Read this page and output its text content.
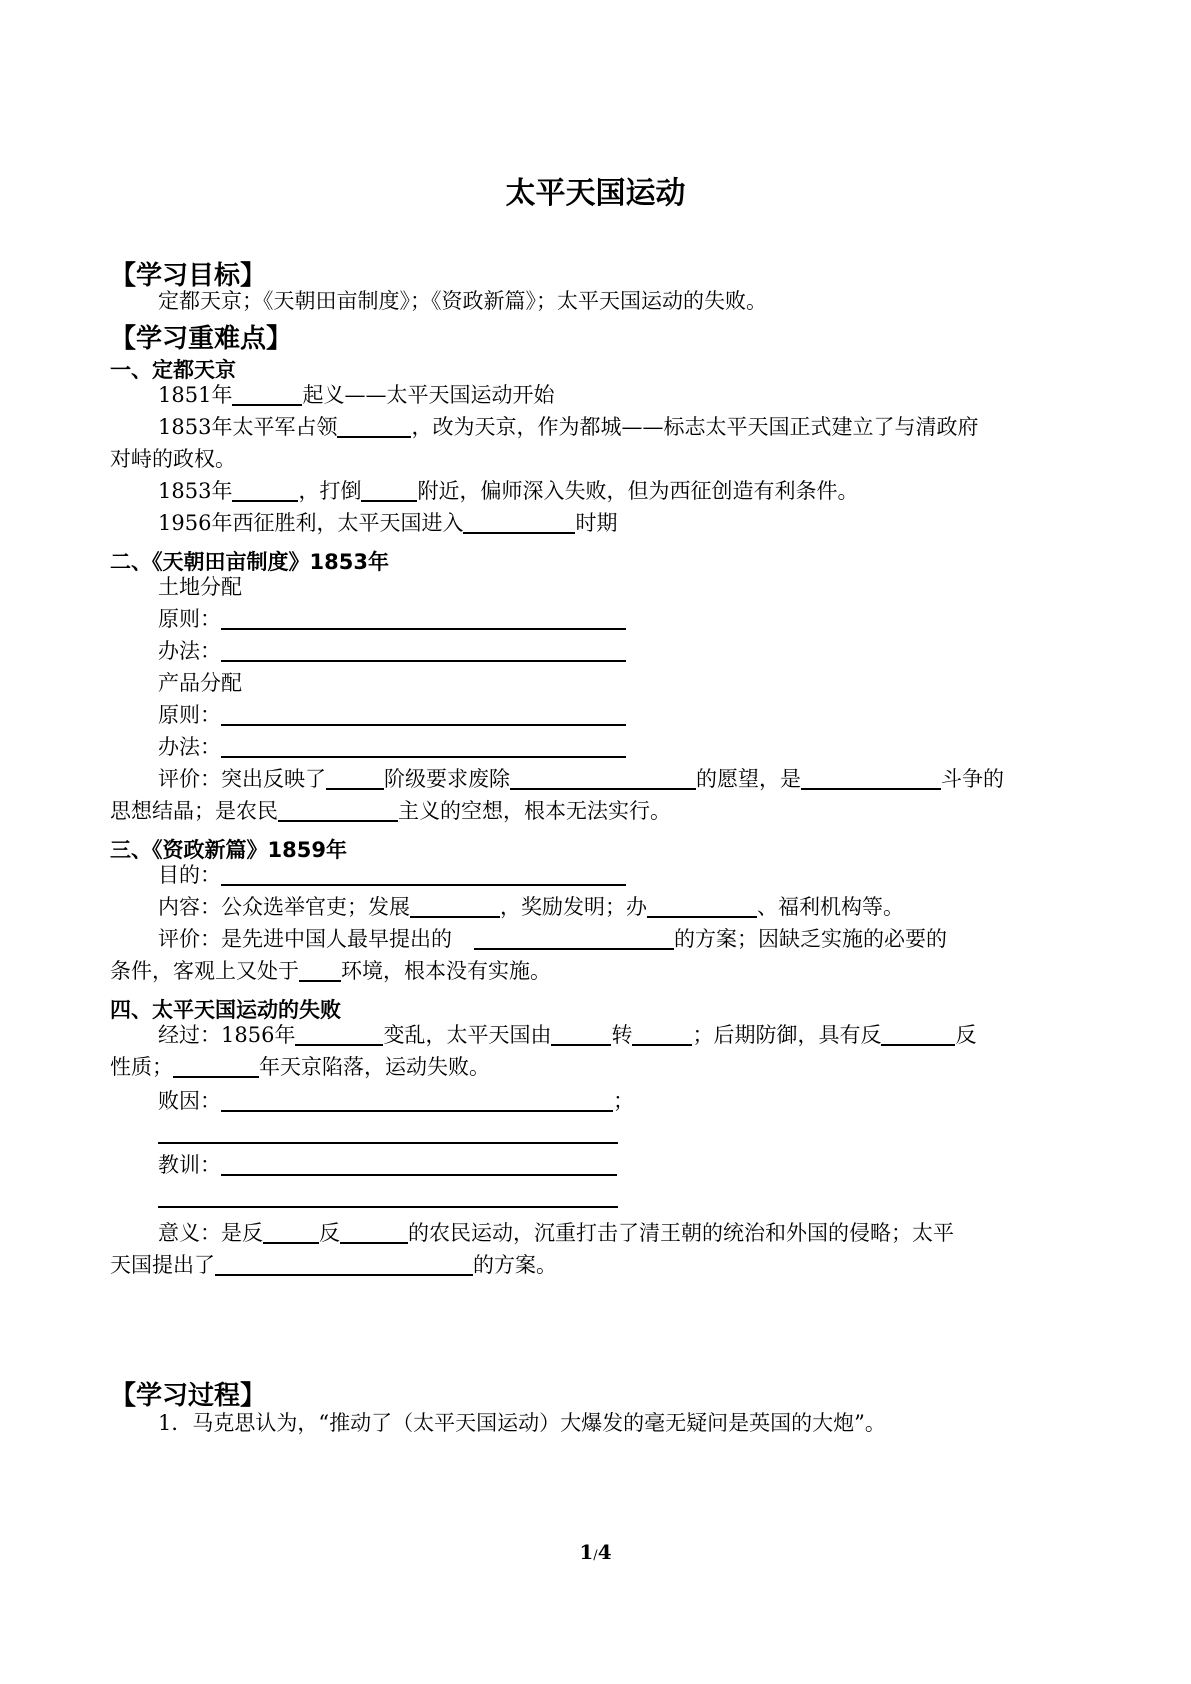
太平天国运动
【学习目标】
定都天京；《天朝田亩制度》；《资政新篇》；太平天国运动的失败。
【学习重难点】
一、定都天京
1851年	起义——太平天国运动开始
1853年太平军占领	，改为天京，作为都城——标志太平天国正式建立了与清政府
对峙的政权。
1853年	，打倒	附近，偏师深入失败，但为西征创造有利条件。
1956年西征胜利，太平天国进入	时期
二、《天朝田亩制度》1853年
土地分配
原则：
办法：
产品分配
原则：
办法：
评价：突出反映了	阶级要求废除	的愿望，是	斗争的
思想结晶；是农民	主义的空想，根本无法实行。
三、《资政新篇》1859年
目的：
内容：公众选举官吏；发展	，奖励发明；办	、福利机构等。
评价：是先进中国人最早提出的	的方案；因缺乏实施的必要的
条件，客观上又处于 环境，根本没有实施。
四、太平天国运动的失败
经过：1856年	变乱，太平天国由	转	；后期防御，具有反	反
性质；	年天京陷落，运动失败。
败因：	；
教训：
意义：是反	反	的农民运动，沉重打击了清王朝的统治和外国的侵略；太平
天国提出了	的方案。
【学习过程】
1．马克思认为，“推动了（太平天国运动）大爆发的毫无疑问是英国的大炮”。
1/4
